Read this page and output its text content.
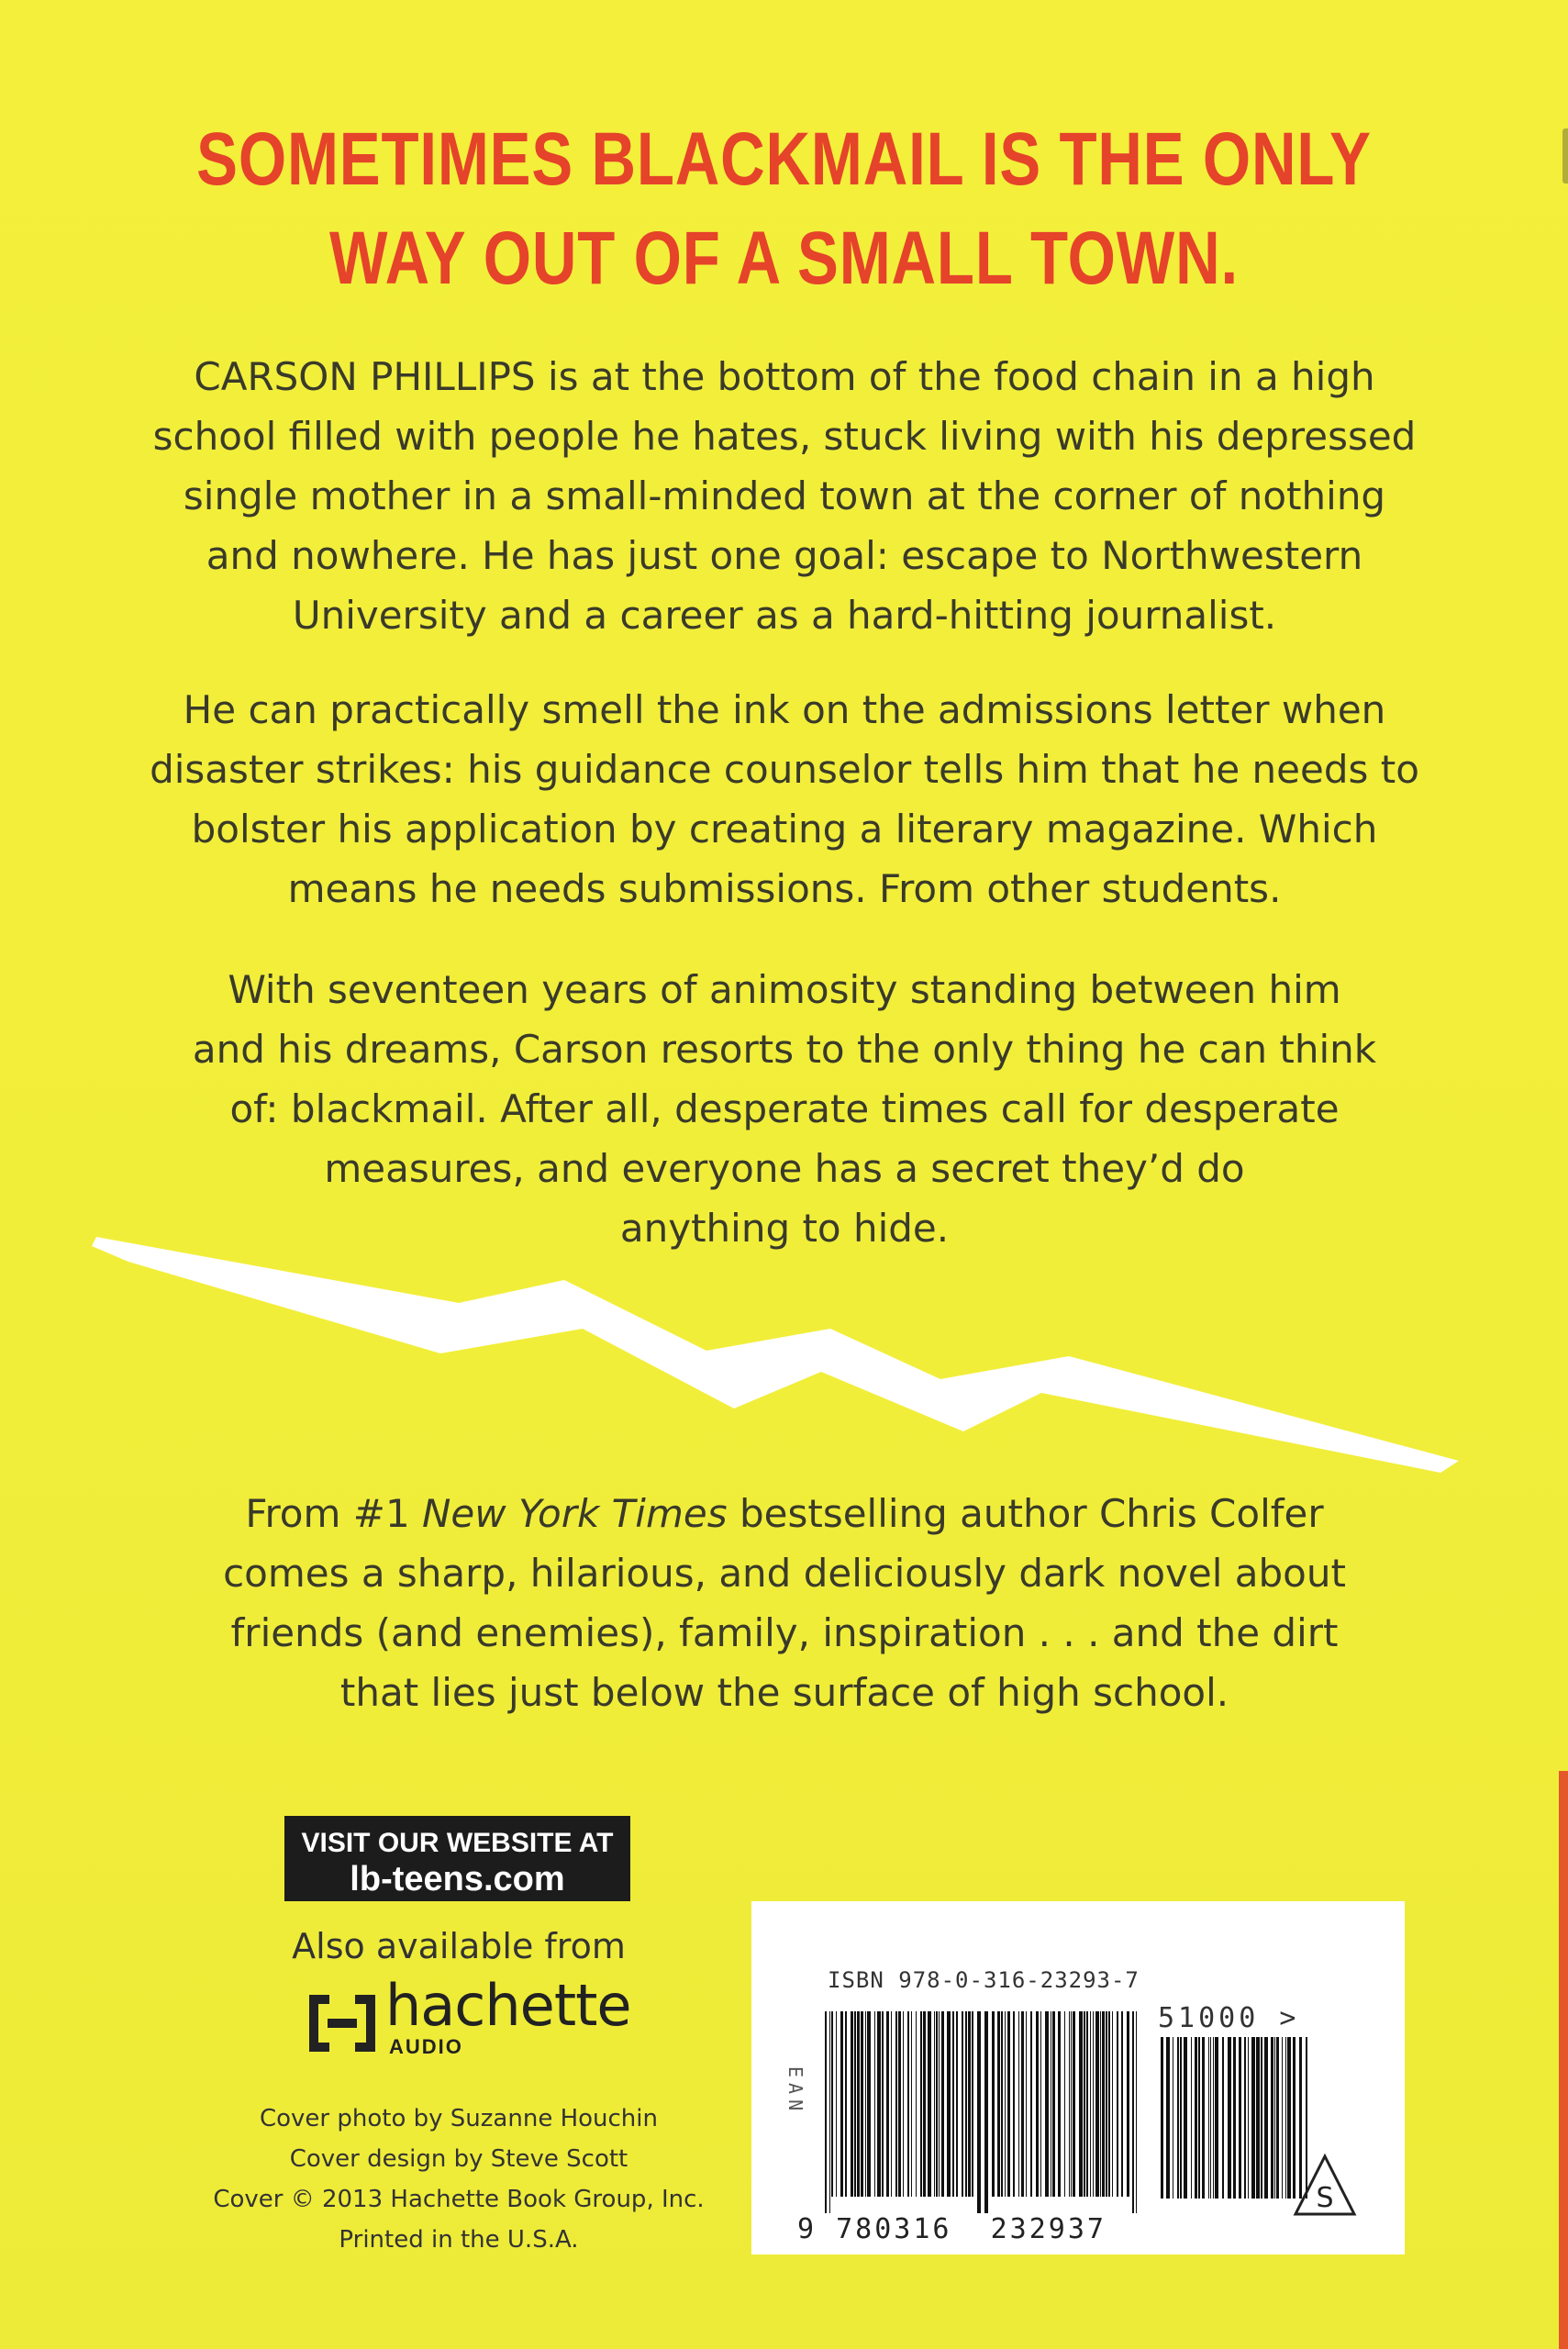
SOMETIMES BLACKMAIL IS THE ONLY
WAY OUT OF A SMALL TOWN.
CARSON PHILLIPS is at the bottom of the food chain in a high
school filled with people he hates, stuck living with his depressed
single mother in a small-minded town at the corner of nothing
and nowhere. He has just one goal: escape to Northwestern
University and a career as a hard-hitting journalist.
He can practically smell the ink on the admissions letter when
disaster strikes: his guidance counselor tells him that he needs to
bolster his application by creating a literary magazine. Which
means he needs submissions. From other students.
With seventeen years of animosity standing between him
and his dreams, Carson resorts to the only thing he can think
of: blackmail. After all, desperate times call for desperate
measures, and everyone has a secret they’d do
anything to hide.
From #1 New York Times bestselling author Chris Colfer
comes a sharp, hilarious, and deliciously dark novel about
friends (and enemies), family, inspiration . . . and the dirt
that lies just below the surface of high school.
VISIT OUR WEBSITE AT
lb-teens.com
Also available from
hachette
AUDIO
Cover photo by Suzanne Houchin
Cover design by Steve Scott
Cover © 2013 Hachette Book Group, Inc.
Printed in the U.S.A.
ISBN 978-0-316-23293-7
EAN
51000 >
9 780316  232937
S
